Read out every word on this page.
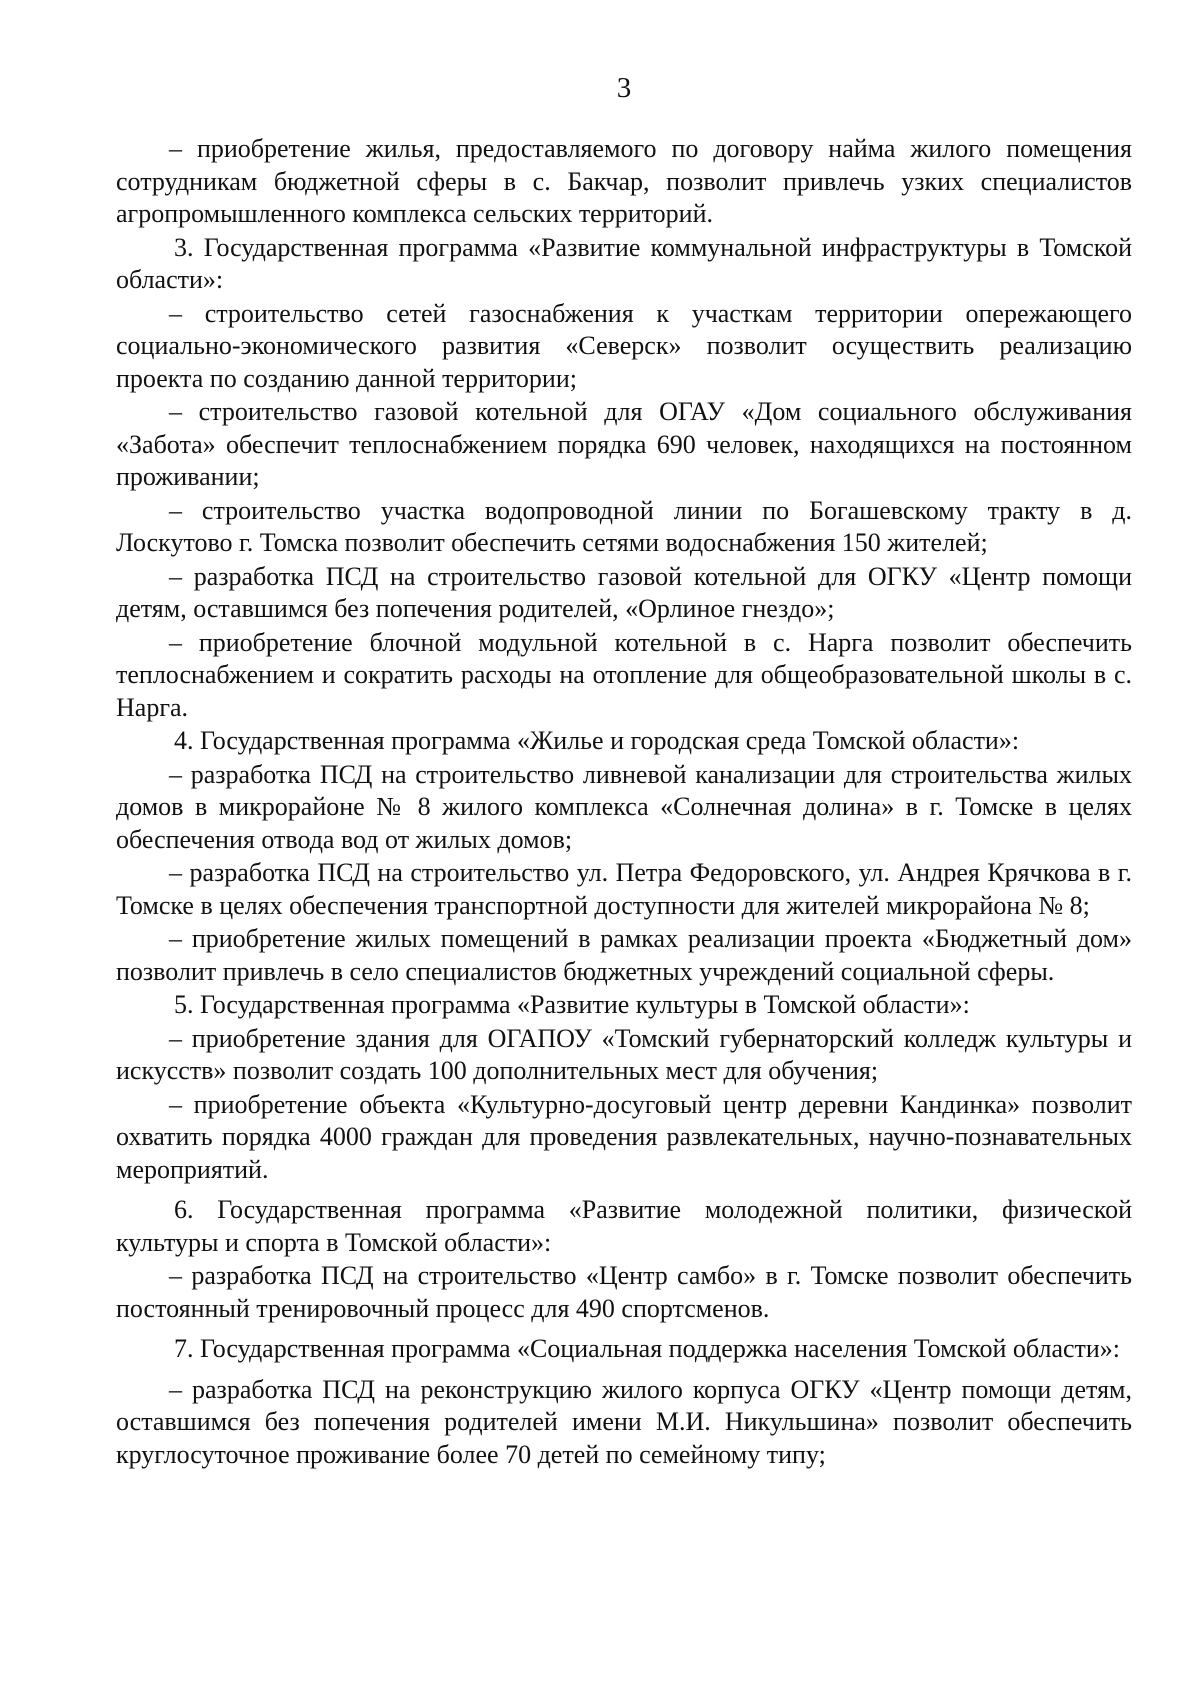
3

– приобретение жилья, предоставляемого по договору найма жилого помещения сотрудникам бюджетной сферы в с. Бакчар, позволит привлечь узких специалистов агропромышленного комплекса сельских территорий.

3. Государственная программа «Развитие коммунальной инфраструктуры в Томской области»:

– строительство сетей газоснабжения к участкам территории опережающего социально-экономического развития «Северск» позволит осуществить реализацию проекта по созданию данной территории;

– строительство газовой котельной для ОГАУ «Дом социального обслуживания «Забота» обеспечит теплоснабжением порядка 690 человек, находящихся на постоянном проживании;

– строительство участка водопроводной линии по Богашевскому тракту в д. Лоскутово г. Томска позволит обеспечить сетями водоснабжения 150 жителей;

– разработка ПСД на строительство газовой котельной для ОГКУ «Центр помощи детям, оставшимся без попечения родителей, «Орлиное гнездо»;

– приобретение блочной модульной котельной в с. Нарга позволит обеспечить теплоснабжением и сократить расходы на отопление для общеобразовательной школы в с. Нарга.

4. Государственная программа «Жилье и городская среда Томской области»:

– разработка ПСД на строительство ливневой канализации для строительства жилых домов в микрорайоне № 8 жилого комплекса «Солнечная долина» в г. Томске в целях обеспечения отвода вод от жилых домов;

– разработка ПСД на строительство ул. Петра Федоровского, ул. Андрея Крячкова в г. Томске в целях обеспечения транспортной доступности для жителей микрорайона № 8;

– приобретение жилых помещений в рамках реализации проекта «Бюджетный дом» позволит привлечь в село специалистов бюджетных учреждений социальной сферы.

5. Государственная программа «Развитие культуры в Томской области»:

– приобретение здания для ОГАПОУ «Томский губернаторский колледж культуры и искусств» позволит создать 100 дополнительных мест для обучения;

– приобретение объекта «Культурно-досуговый центр деревни Кандинка» позволит охватить порядка 4000 граждан для проведения развлекательных, научно-познавательных мероприятий.

6. Государственная программа «Развитие молодежной политики, физической культуры и спорта в Томской области»:

– разработка ПСД на строительство «Центр самбо» в г. Томске позволит обеспечить постоянный тренировочный процесс для 490 спортсменов.

7. Государственная программа «Социальная поддержка населения Томской области»:

– разработка ПСД на реконструкцию жилого корпуса ОГКУ «Центр помощи детям, оставшимся без попечения родителей имени М.И. Никульшина» позволит обеспечить круглосуточное проживание более 70 детей по семейному типу;
